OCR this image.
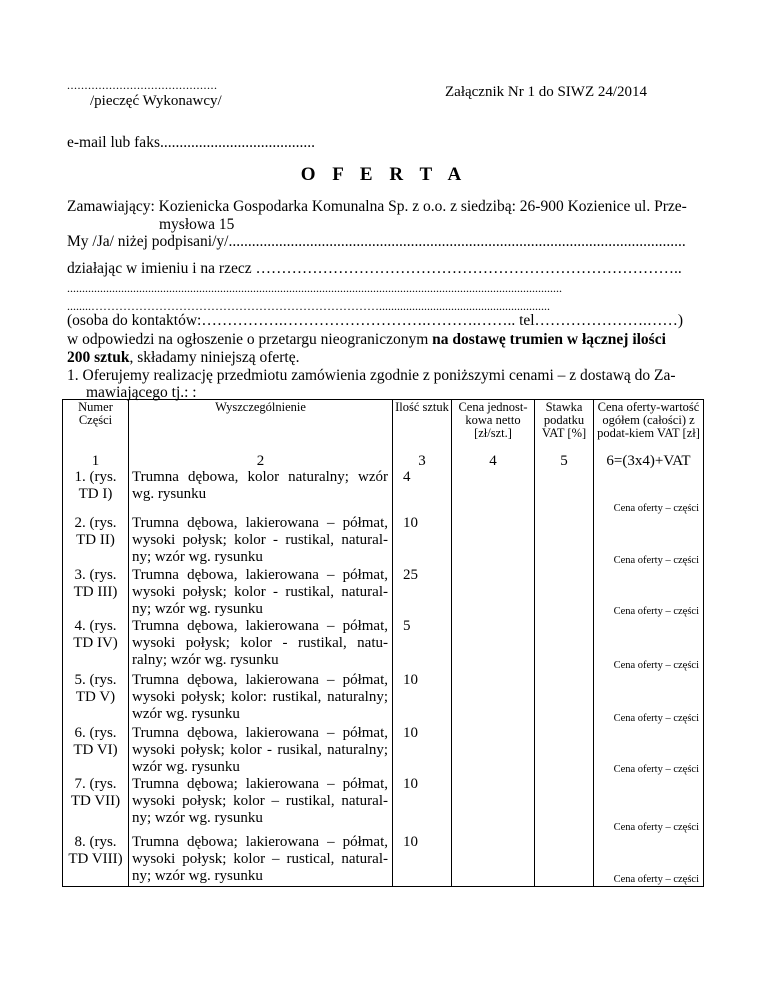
...........................................
/pieczęć Wykonawcy/
Załącznik Nr 1 do SIWZ 24/2014
e-mail lub faks........................................
O F E R T A
Zamawiający: Kozienicka Gospodarka Komunalna Sp. z o.o. z siedzibą: 26-900 Kozienice ul. Prze-
mysłowa 15
My /Ja/ niżej podpisani/y/......................................................................................................................
działając w imieniu i na rzecz ………………………………………………………………………..
.....................................................................................................................................................................
........……………………………………………………………….........................................................
(osoba do kontaktów:…………….……………………….……….…….. tel………………….……)
w odpowiedzi na ogłoszenie o przetargu nieograniczonym na dostawę trumien w łącznej ilości
200 sztuk, składamy niniejszą ofertę.
1. Oferujemy realizację przedmiotu zamówienia zgodnie z poniższymi cenami – z dostawą do Za-
mawiającego tj.: :
Numer Części	Wyszczególnienie	Ilość sztuk	Cena jednost-kowa netto [zł/szt.]	Stawka podatku VAT [%]	Cena oferty-wartość ogółem (całości) z podat-kiem VAT [zł]
1	2	3	4	5	6=(3x4)+VAT
1. (rys. TD I)	Trumna dębowa, kolor naturalny; wzór wg. rysunku	4			Cena oferty – części

2. (rys. TD II)	Trumna dębowa, lakierowana – półmat, wysoki połysk; kolor - rustikal, natural-ny; wzór wg. rysunku	10			Cena oferty – części

3. (rys. TD III)	Trumna dębowa, lakierowana – półmat, wysoki połysk; kolor - rustikal, natural-ny; wzór wg. rysunku	25			Cena oferty – części

4. (rys. TD IV)	Trumna dębowa, lakierowana – półmat, wysoki połysk; kolor - rustikal, natu-ralny; wzór wg. rysunku	5			Cena oferty – części

5. (rys. TD V)	Trumna dębowa, lakierowana – półmat, wysoki połysk; kolor: rustikal, naturalny; wzór wg. rysunku	10			Cena oferty – części

6. (rys. TD VI)	Trumna dębowa, lakierowana – półmat, wysoki połysk; kolor - rusikal, naturalny; wzór wg. rysunku	10			Cena oferty – części

7. (rys. TD VII)	Trumna dębowa; lakierowana – półmat, wysoki połysk; kolor – rustikal, natural-ny; wzór wg. rysunku	10			Cena oferty – części

8. (rys. TD VIII)	Trumna dębowa; lakierowana – półmat, wysoki połysk; kolor – rustical, natural-ny; wzór wg. rysunku	10			Cena oferty – części
